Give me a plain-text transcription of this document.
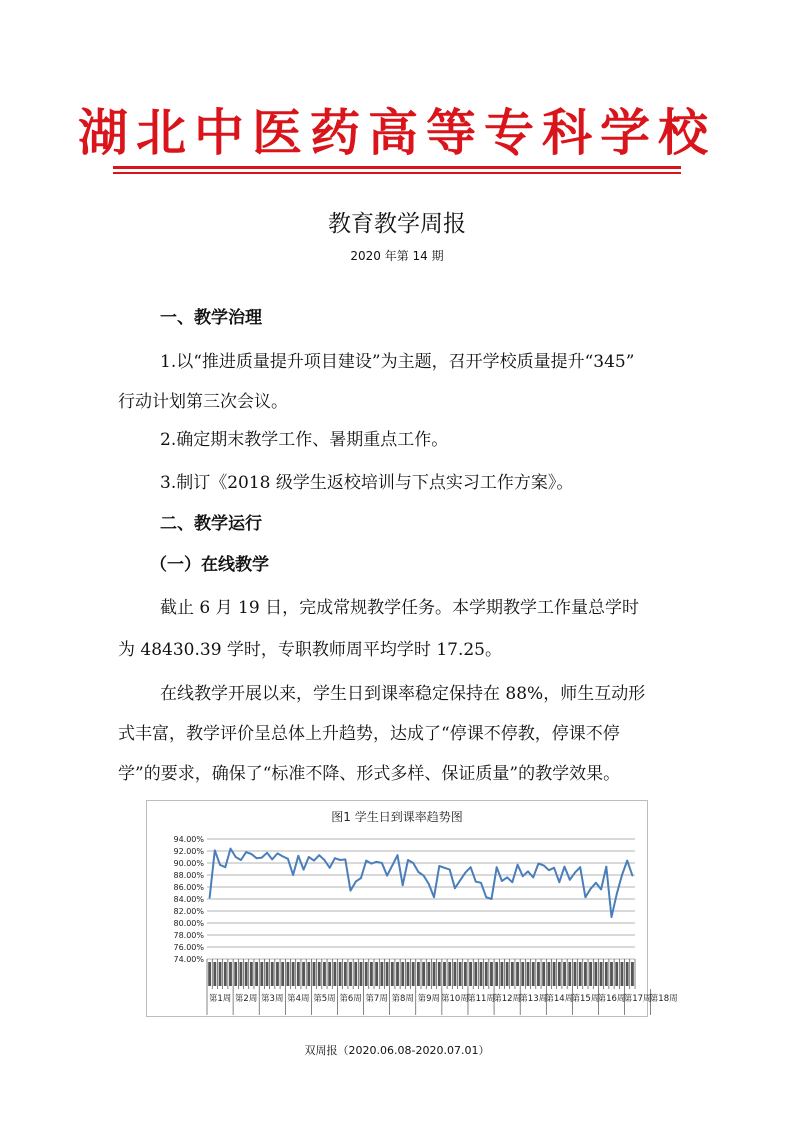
湖北中医药高等专科学校
教育教学周报
2020 年第 14 期
一、教学治理
1.以“推进质量提升项目建设”为主题，召开学校质量提升“345”
行动计划第三次会议。
2.确定期末教学工作、暑期重点工作。
3.制订《2018 级学生返校培训与下点实习工作方案》。
二、教学运行
（一）在线教学
截止 6 月 19 日，完成常规教学任务。本学期教学工作量总学时
为 48430.39 学时，专职教师周平均学时 17.25。
在线教学开展以来，学生日到课率稳定保持在 88%，师生互动形
式丰富，教学评价呈总体上升趋势，达成了“停课不停教，停课不停
学”的要求，确保了“标准不降、形式多样、保证质量”的教学效果。
图1 学生日到课率趋势图
94.00%
92.00%
90.00%
88.00%
86.00%
84.00%
82.00%
80.00%
78.00%
76.00%
74.00%
第1周 第2周 第3周 第4周 第5周 第6周 第7周 第8周 第9周 第10周
第11周
第12周
第13周
第14周
第15周
第16周
第17周
第18周
双周报（2020.06.08-2020.07.01）
